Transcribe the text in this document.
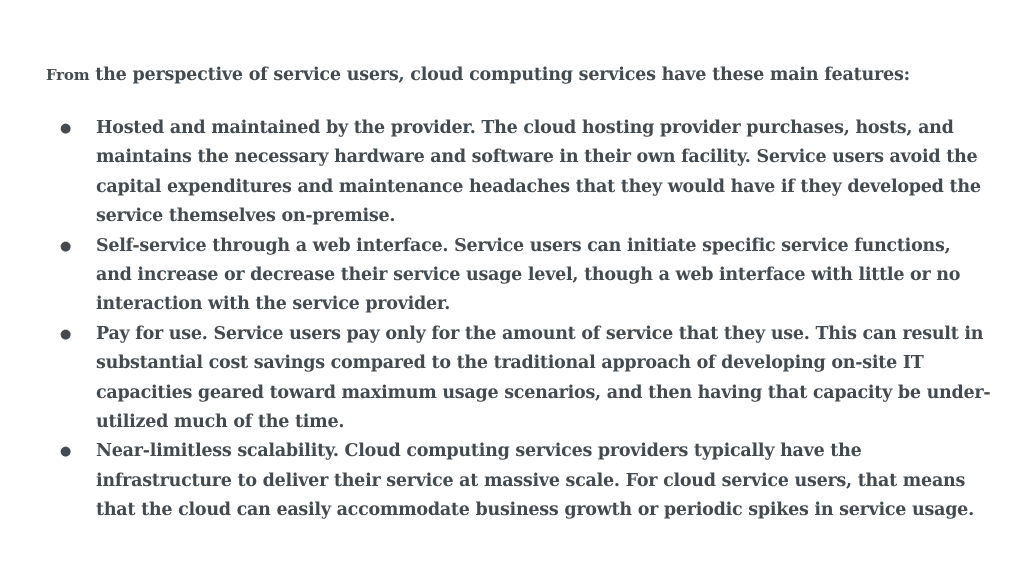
From the perspective of service users, cloud computing services have these main features:

● Hosted and maintained by the provider. The cloud hosting provider purchases, hosts, and maintains the necessary hardware and software in their own facility. Service users avoid the capital expenditures and maintenance headaches that they would have if they developed the service themselves on-premise.
● Self-service through a web interface. Service users can initiate specific service functions, and increase or decrease their service usage level, though a web interface with little or no interaction with the service provider.
● Pay for use. Service users pay only for the amount of service that they use. This can result in substantial cost savings compared to the traditional approach of developing on-site IT capacities geared toward maximum usage scenarios, and then having that capacity be under-utilized much of the time.
● Near-limitless scalability. Cloud computing services providers typically have the infrastructure to deliver their service at massive scale. For cloud service users, that means that the cloud can easily accommodate business growth or periodic spikes in service usage.
